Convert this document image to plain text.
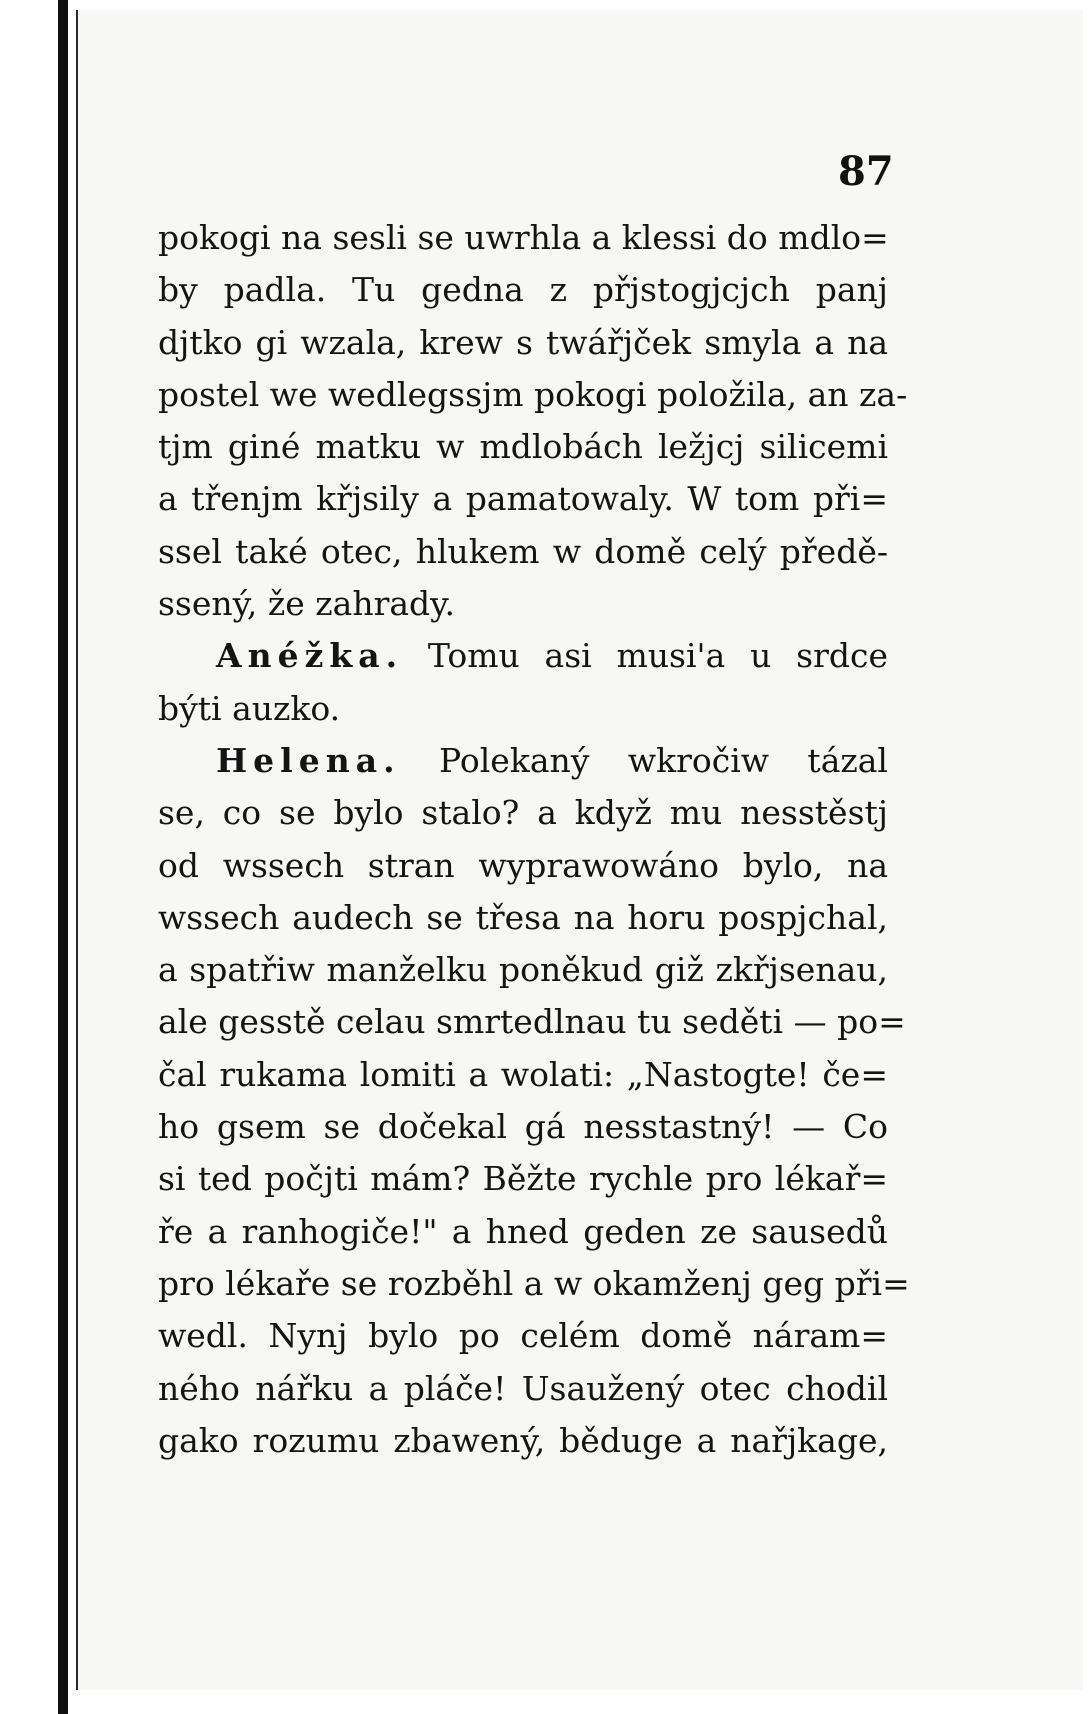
87
pokogi na sesli se uwrhla a klessi do mdlo=
by padla. Tu gedna z přjstogjcjch panj
djtko gi wzala, krew s twářjček smyla a na
postel we wedlegssjm pokogi položila, an za-
tjm giné matku w mdlobách ležjcj silicemi
a třenjm křjsily a pamatowaly. W tom při=
ssel také otec, hlukem w domě celý předě-
ssený, že zahrady.
Anéžka. Tomu asi musi'a u srdce
býti auzko.
Helena. Polekaný wkročiw tázal
se, co se bylo stalo? a když mu nesstěstj
od wssech stran wyprawowáno bylo, na
wssech audech se třesa na horu pospjchal,
a spatřiw manželku poněkud giž zkřjsenau,
ale gesstě celau smrtedlnau tu seděti — po=
čal rukama lomiti a wolati: „Nastogte! če=
ho gsem se dočekal gá nesstastný! — Co
si ted počjti mám? Běžte rychle pro lékař=
ře a ranhogiče!" a hned geden ze sausedů
pro lékaře se rozběhl a w okamženj geg při=
wedl. Nynj bylo po celém domě náram=
ného nářku a pláče! Usaužený otec chodil
gako rozumu zbawený, běduge a nařjkage,
